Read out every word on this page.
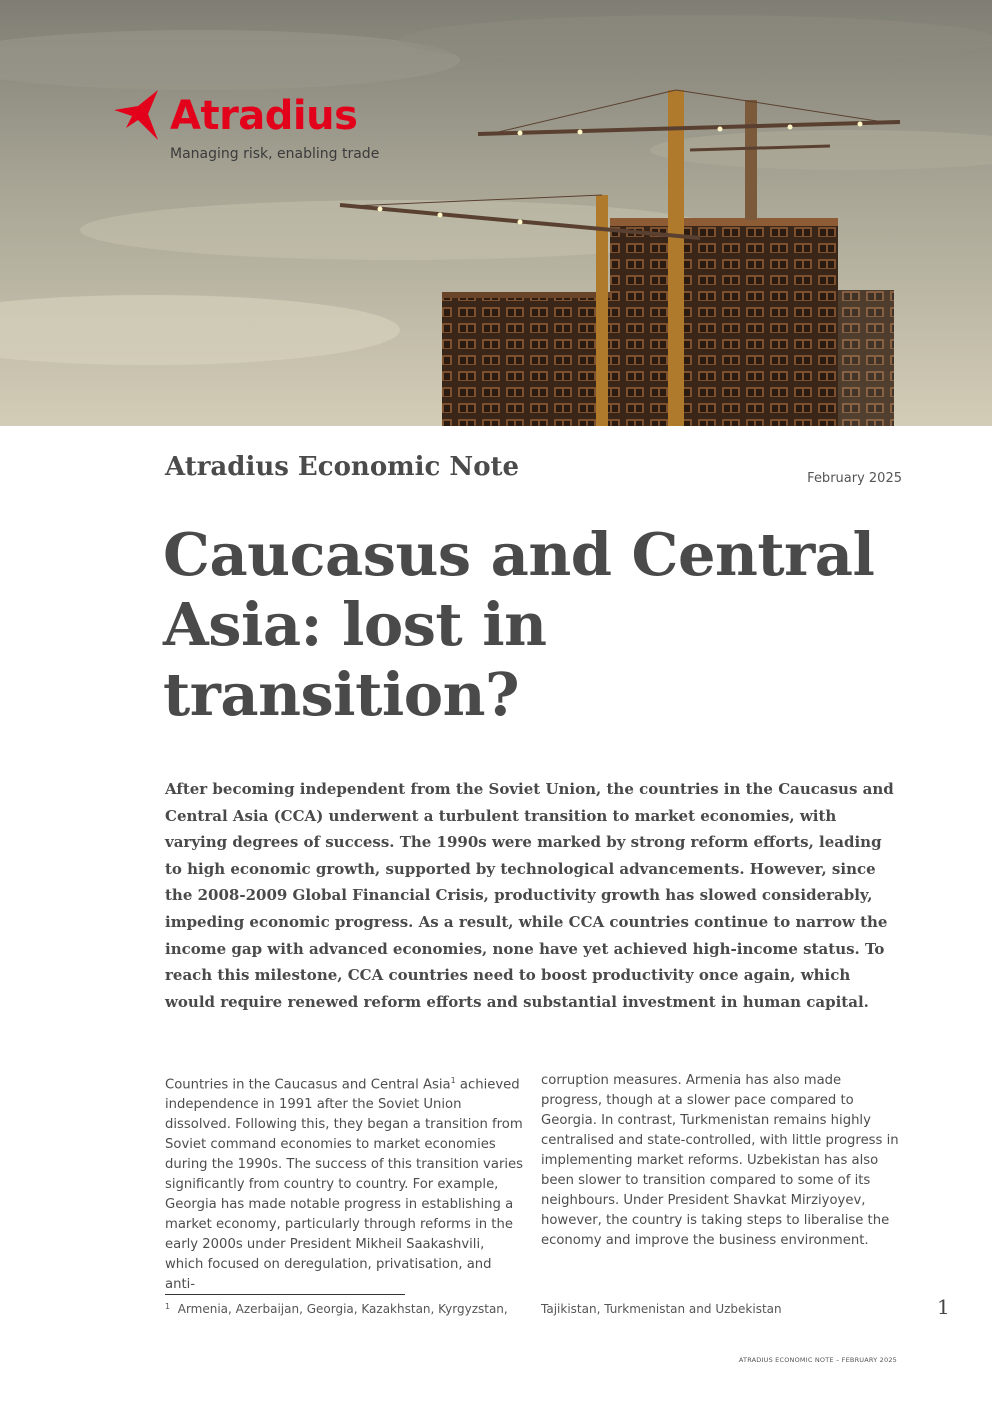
Atradius
Managing risk, enabling trade
Atradius Economic Note	February 2025
Caucasus and Central Asia: lost in transition?

After becoming independent from the Soviet Union, the countries in the Caucasus and Central Asia (CCA) underwent a turbulent transition to market economies, with varying degrees of success. The 1990s were marked by strong reform efforts, leading to high economic growth, supported by technological advancements. However, since the 2008-2009 Global Financial Crisis, productivity growth has slowed considerably, impeding economic progress. As a result, while CCA countries continue to narrow the income gap with advanced economies, none have yet achieved high-income status. To reach this milestone, CCA countries need to boost productivity once again, which would require renewed reform efforts and substantial investment in human capital.

Countries in the Caucasus and Central Asia$^1$ achieved independence in 1991 after the Soviet Union dissolved. Following this, they began a transition from Soviet command economies to market economies during the 1990s. The success of this transition varies significantly from country to country. For example, Georgia has made notable progress in establishing a market economy, particularly through reforms in the early 2000s under President Mikheil Saakashvili, which focused on deregulation, privatisation, and anti-

corruption measures. Armenia has also made progress, though at a slower pace compared to Georgia. In contrast, Turkmenistan remains highly centralised and state-controlled, with little progress in implementing market reforms. Uzbekistan has also been slower to transition compared to some of its neighbours. Under President Shavkat Mirziyoyev, however, the country is taking steps to liberalise the economy and improve the business environment.

$^1$ Armenia, Azerbaijan, Georgia, Kazakhstan, Kyrgyzstan,	Tajikistan, Turkmenistan and Uzbekistan	1
ATRADIUS ECONOMIC NOTE – FEBRUARY 2025
